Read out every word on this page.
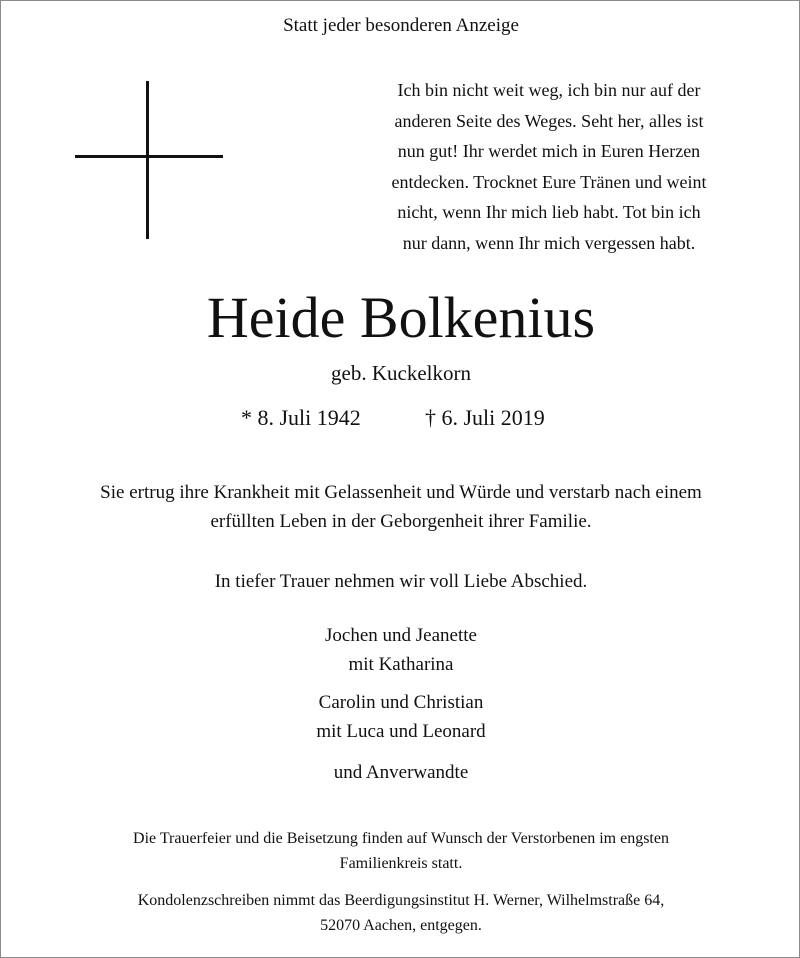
Statt jeder besonderen Anzeige
Ich bin nicht weit weg, ich bin nur auf der
anderen Seite des Weges. Seht her, alles ist
nun gut! Ihr werdet mich in Euren Herzen
entdecken. Trocknet Eure Tränen und weint
nicht, wenn Ihr mich lieb habt. Tot bin ich
nur dann, wenn Ihr mich vergessen habt.
Heide Bolkenius
geb. Kuckelkorn
* 8. Juli 1942	† 6. Juli 2019
Sie ertrug ihre Krankheit mit Gelassenheit und Würde und verstarb nach einem
erfüllten Leben in der Geborgenheit ihrer Familie.
In tiefer Trauer nehmen wir voll Liebe Abschied.
Jochen und Jeanette
mit Katharina
Carolin und Christian
mit Luca und Leonard
und Anverwandte
Die Trauerfeier und die Beisetzung finden auf Wunsch der Verstorbenen im engsten
Familienkreis statt.
Kondolenzschreiben nimmt das Beerdigungsinstitut H. Werner, Wilhelmstraße 64,
52070 Aachen, entgegen.
